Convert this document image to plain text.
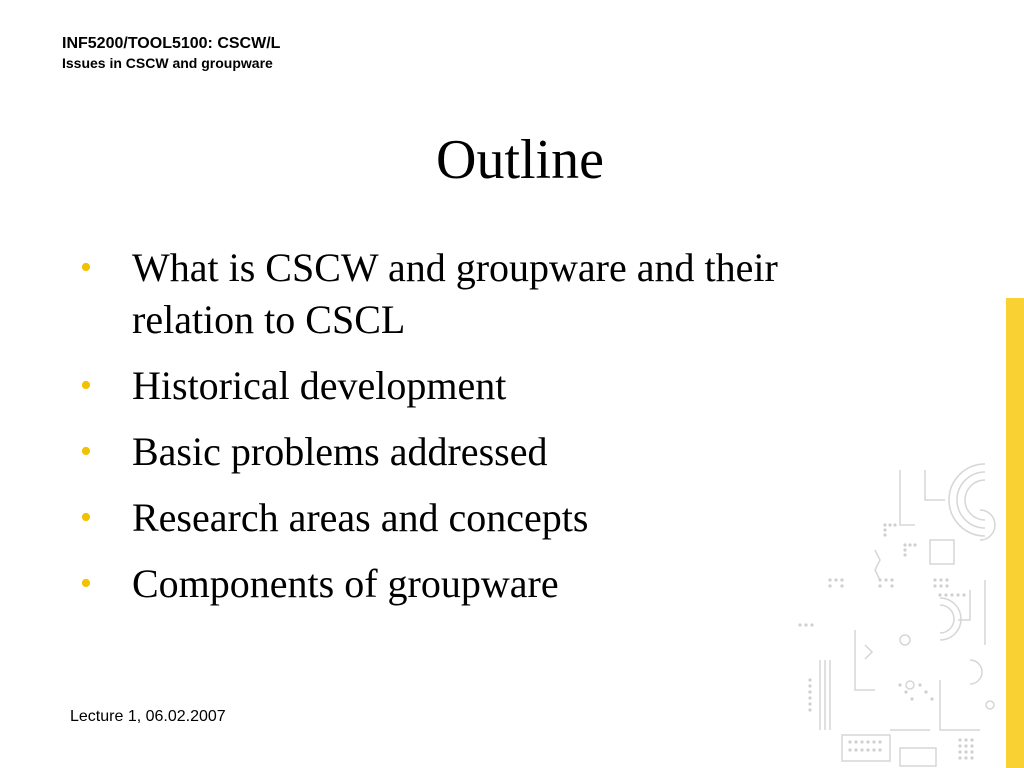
INF5200/TOOL5100: CSCW/L
Issues in CSCW and groupware
Outline
• What is CSCW and groupware and their relation to CSCL
• Historical development
• Basic problems addressed
• Research areas and concepts
• Components of groupware
Lecture 1, 06.02.2007
